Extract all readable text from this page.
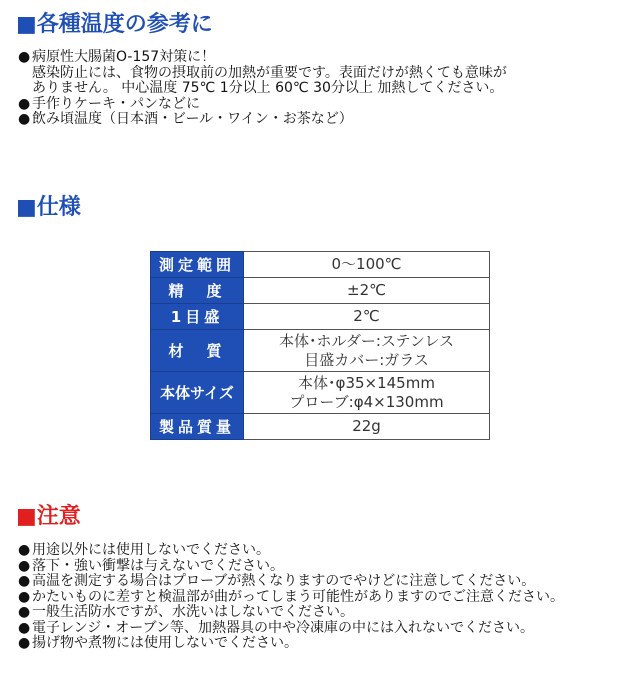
■各種温度の参考に
● 病原性大腸菌O-157対策に！
感染防止には、食物の摂取前の加熱が重要です。表面だけが熱くても意味が
ありません。 中心温度 75℃ 1分以上 60℃ 30分以上 加熱してください。
● 手作りケーキ・パンなどに
● 飲み頃温度（日本酒・ビール・ワイン・お茶など）
■仕様
測定範囲	0～100℃
精　度	±2℃
1目盛	2℃
材　質	本体･ホルダー:ステンレス
目盛カバー:ガラス

本体サイズ	本体･φ35×145mm
プローブ:φ4×130mm

製品質量	22g
■注意
● 用途以外には使用しないでください。
● 落下・強い衝撃は与えないでください。
● 高温を測定する場合はプローブが熱くなりますのでやけどに注意してください。
● かたいものに差すと検温部が曲がってしまう可能性がありますのでご注意ください。
● 一般生活防水ですが、水洗いはしないでください。
● 電子レンジ・オーブン等、加熱器具の中や冷凍庫の中には入れないでください。
● 揚げ物や煮物には使用しないでください。
